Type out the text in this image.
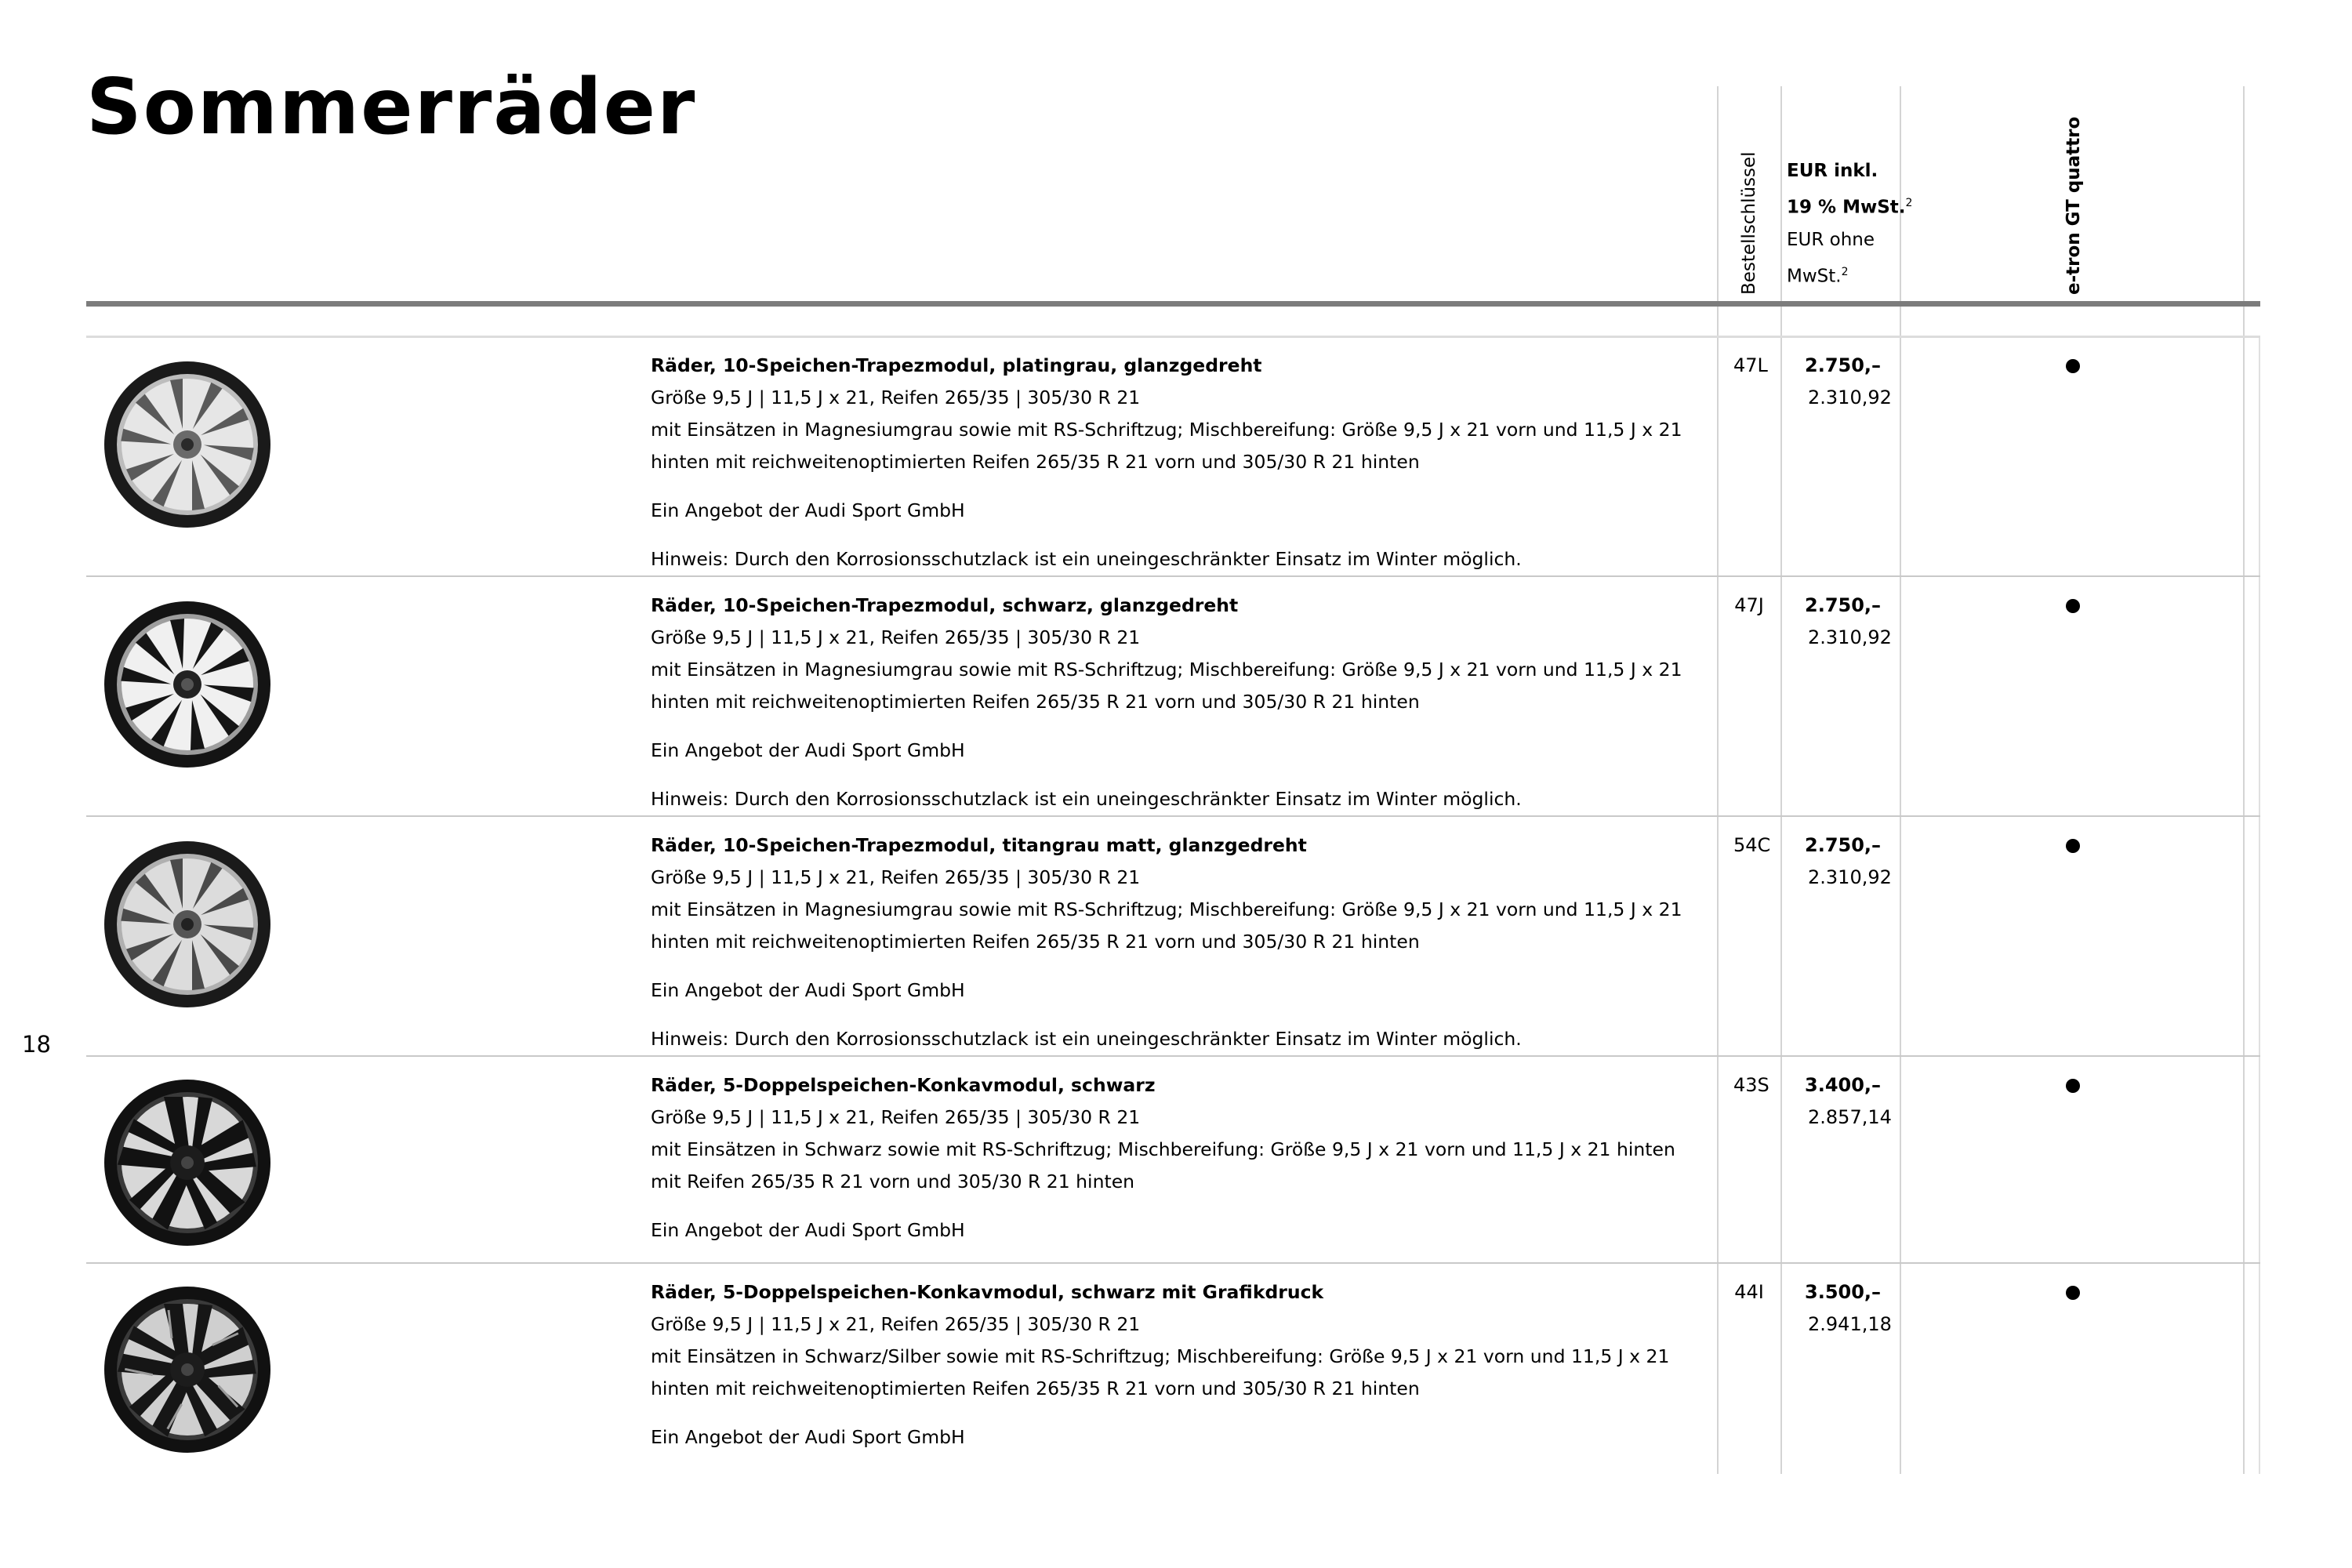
Sommerräder
18
Bestellschlüssel EUR inkl.
19 % MwSt.$^2$
EUR ohne
MwSt.$^2$	e-tron GT quattro
Räder, 10-Speichen-Trapezmodul, platingrau, glanzgedreht
Größe 9,5 J | 11,5 J x 21, Reifen 265/35 | 305/30 R 21
mit Einsätzen in Magnesiumgrau sowie mit RS-Schriftzug; Mischbereifung: Größe 9,5 J x 21 vorn und 11,5 J x 21 hinten mit reichweitenoptimierten Reifen 265/35 R 21 vorn und 305/30 R 21 hinten
Ein Angebot der Audi Sport GmbH
Hinweis: Durch den Korrosionsschutzlack ist ein uneingeschränkter Einsatz im Winter möglich.
47L 2.750,–
2.310,92
Räder, 10-Speichen-Trapezmodul, schwarz, glanzgedreht
Größe 9,5 J | 11,5 J x 21, Reifen 265/35 | 305/30 R 21
mit Einsätzen in Magnesiumgrau sowie mit RS-Schriftzug; Mischbereifung: Größe 9,5 J x 21 vorn und 11,5 J x 21 hinten mit reichweitenoptimierten Reifen 265/35 R 21 vorn und 305/30 R 21 hinten
Ein Angebot der Audi Sport GmbH
Hinweis: Durch den Korrosionsschutzlack ist ein uneingeschränkter Einsatz im Winter möglich.
47J 2.750,–
2.310,92
Räder, 10-Speichen-Trapezmodul, titangrau matt, glanzgedreht
Größe 9,5 J | 11,5 J x 21, Reifen 265/35 | 305/30 R 21
mit Einsätzen in Magnesiumgrau sowie mit RS-Schriftzug; Mischbereifung: Größe 9,5 J x 21 vorn und 11,5 J x 21 hinten mit reichweitenoptimierten Reifen 265/35 R 21 vorn und 305/30 R 21 hinten
Ein Angebot der Audi Sport GmbH
Hinweis: Durch den Korrosionsschutzlack ist ein uneingeschränkter Einsatz im Winter möglich.
54C 2.750,–
2.310,92
Räder, 5-Doppelspeichen-Konkavmodul, schwarz
Größe 9,5 J | 11,5 J x 21, Reifen 265/35 | 305/30 R 21
mit Einsätzen in Schwarz sowie mit RS-Schriftzug; Mischbereifung: Größe 9,5 J x 21 vorn und 11,5 J x 21 hinten mit Reifen 265/35 R 21 vorn und 305/30 R 21 hinten
Ein Angebot der Audi Sport GmbH
43S 3.400,–
2.857,14
Räder, 5-Doppelspeichen-Konkavmodul, schwarz mit Grafikdruck
Größe 9,5 J | 11,5 J x 21, Reifen 265/35 | 305/30 R 21
mit Einsätzen in Schwarz/Silber sowie mit RS-Schriftzug; Mischbereifung: Größe 9,5 J x 21 vorn und 11,5 J x 21 hinten mit reichweitenoptimierten Reifen 265/35 R 21 vorn und 305/30 R 21 hinten
Ein Angebot der Audi Sport GmbH
44I 3.500,–
2.941,18
